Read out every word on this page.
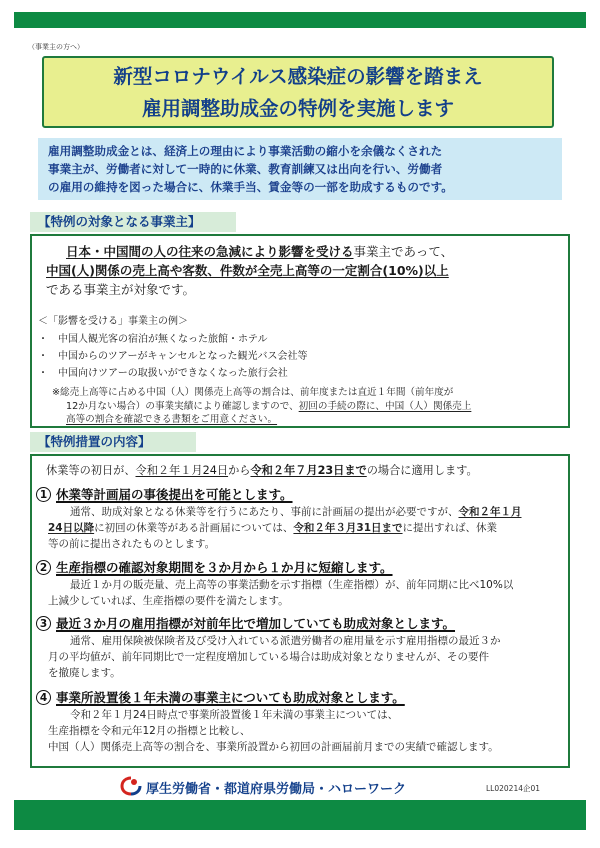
（事業主の方へ）
新型コロナウイルス感染症の影響を踏まえ
雇用調整助成金の特例を実施します
雇用調整助成金とは、経済上の理由により事業活動の縮小を余儀なくされた
事業主が、労働者に対して一時的に休業、教育訓練又は出向を行い、労働者
の雇用の維持を図った場合に、休業手当、賃金等の一部を助成するものです。
【特例の対象となる事業主】
日本・中国間の人の往来の急減により影響を受ける事業主であって、
中国(人)関係の売上高や客数、件数が全売上高等の一定割合(10%)以上
である事業主が対象です。
＜「影響を受ける」事業主の例＞
・ 中国人観光客の宿泊が無くなった旅館・ホテル
・ 中国からのツアーがキャンセルとなった観光バス会社等
・ 中国向けツアーの取扱いができなくなった旅行会社
※総売上高等に占める中国（人）関係売上高等の割合は、前年度または直近１年間（前年度が
12か月ない場合）の事業実績により確認しますので、初回の手続の際に、中国（人）関係売上
高等の割合を確認できる書類をご用意ください。
【特例措置の内容】
休業等の初日が、令和２年１月24日から令和２年７月23日までの場合に適用します。
1 休業等計画届の事後提出を可能とします。
通常、助成対象となる休業等を行うにあたり、事前に計画届の提出が必要ですが、令和２年１月
24日以降に初回の休業等がある計画届については、令和２年３月31日までに提出すれば、休業
等の前に提出されたものとします。
2 生産指標の確認対象期間を３か月から１か月に短縮します。
最近１か月の販売量、売上高等の事業活動を示す指標（生産指標）が、前年同期に比べ10%以
上減少していれば、生産指標の要件を満たします。
3 最近３か月の雇用指標が対前年比で増加していても助成対象とします。
通常、雇用保険被保険者及び受け入れている派遣労働者の雇用量を示す雇用指標の最近３か
月の平均値が、前年同期比で一定程度増加している場合は助成対象となりませんが、その要件
を撤廃します。
4 事業所設置後１年未満の事業主についても助成対象とします。
令和２年１月24日時点で事業所設置後１年未満の事業主については、
生産指標を令和元年12月の指標と比較し、
中国（人）関係売上高等の割合を、事業所設置から初回の計画届前月までの実績で確認します。
厚生労働省・都道府県労働局・ハローワーク	LL020214企01
